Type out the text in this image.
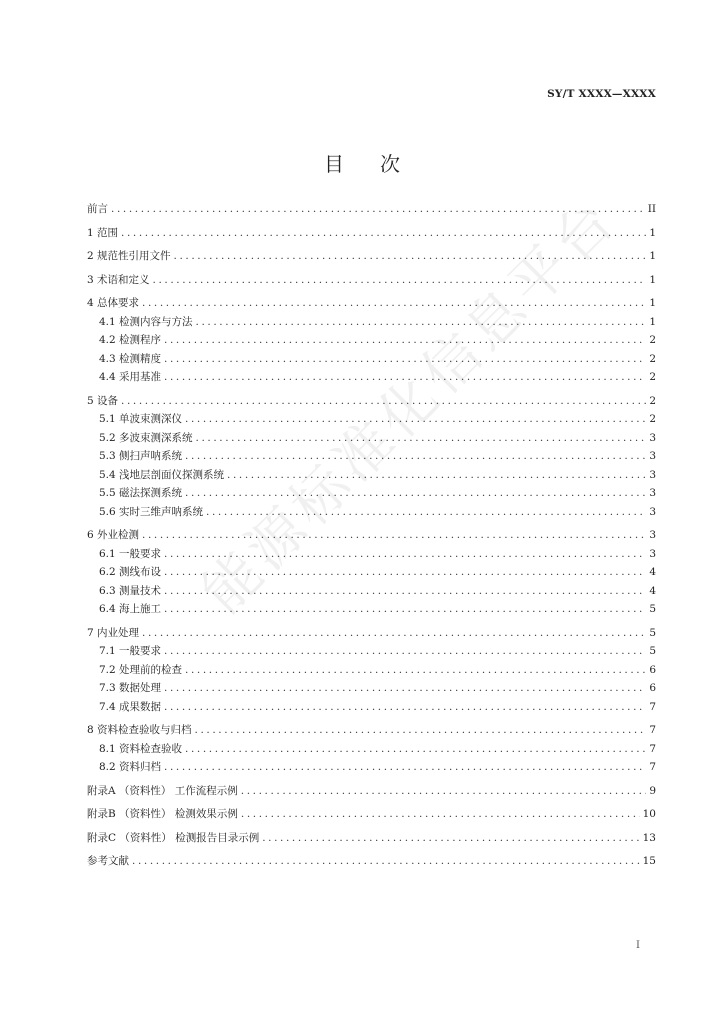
SY/T XXXX—XXXX
目次
能源标准化信息平台
前言 .....	II
1 范围 .....	1
2 规范性引用文件 .....	1
3 术语和定义 .....	1
4 总体要求 .....	1
4.1 检测内容与方法 .....	1
4.2 检测程序 .....	2
4.3 检测精度 .....	2
4.4 采用基准 .....	2
5 设备 .....	2
5.1 单波束测深仪 .....	2
5.2 多波束测深系统 .....	3
5.3 侧扫声呐系统 .....	3
5.4 浅地层剖面仪探测系统 .....	3
5.5 磁法探测系统 .....	3
5.6 实时三维声呐系统 .....	3
6 外业检测 .....	3
6.1 一般要求 .....	3
6.2 测线布设 .....	4
6.3 测量技术 .....	4
6.4 海上施工 .....	5
7 内业处理 .....	5
7.1 一般要求 .....	5
7.2 处理前的检查 .....	6
7.3 数据处理 .....	6
7.4 成果数据 .....	7
8 资料检查验收与归档 .....	7
8.1 资料检查验收 .....	7
8.2 资料归档 .....	7
附录A （资料性） 工作流程示例 .....	9
附录B （资料性） 检测效果示例 .....	10
附录C （资料性） 检测报告目录示例 .....	13
参考文献 .....	15
I
